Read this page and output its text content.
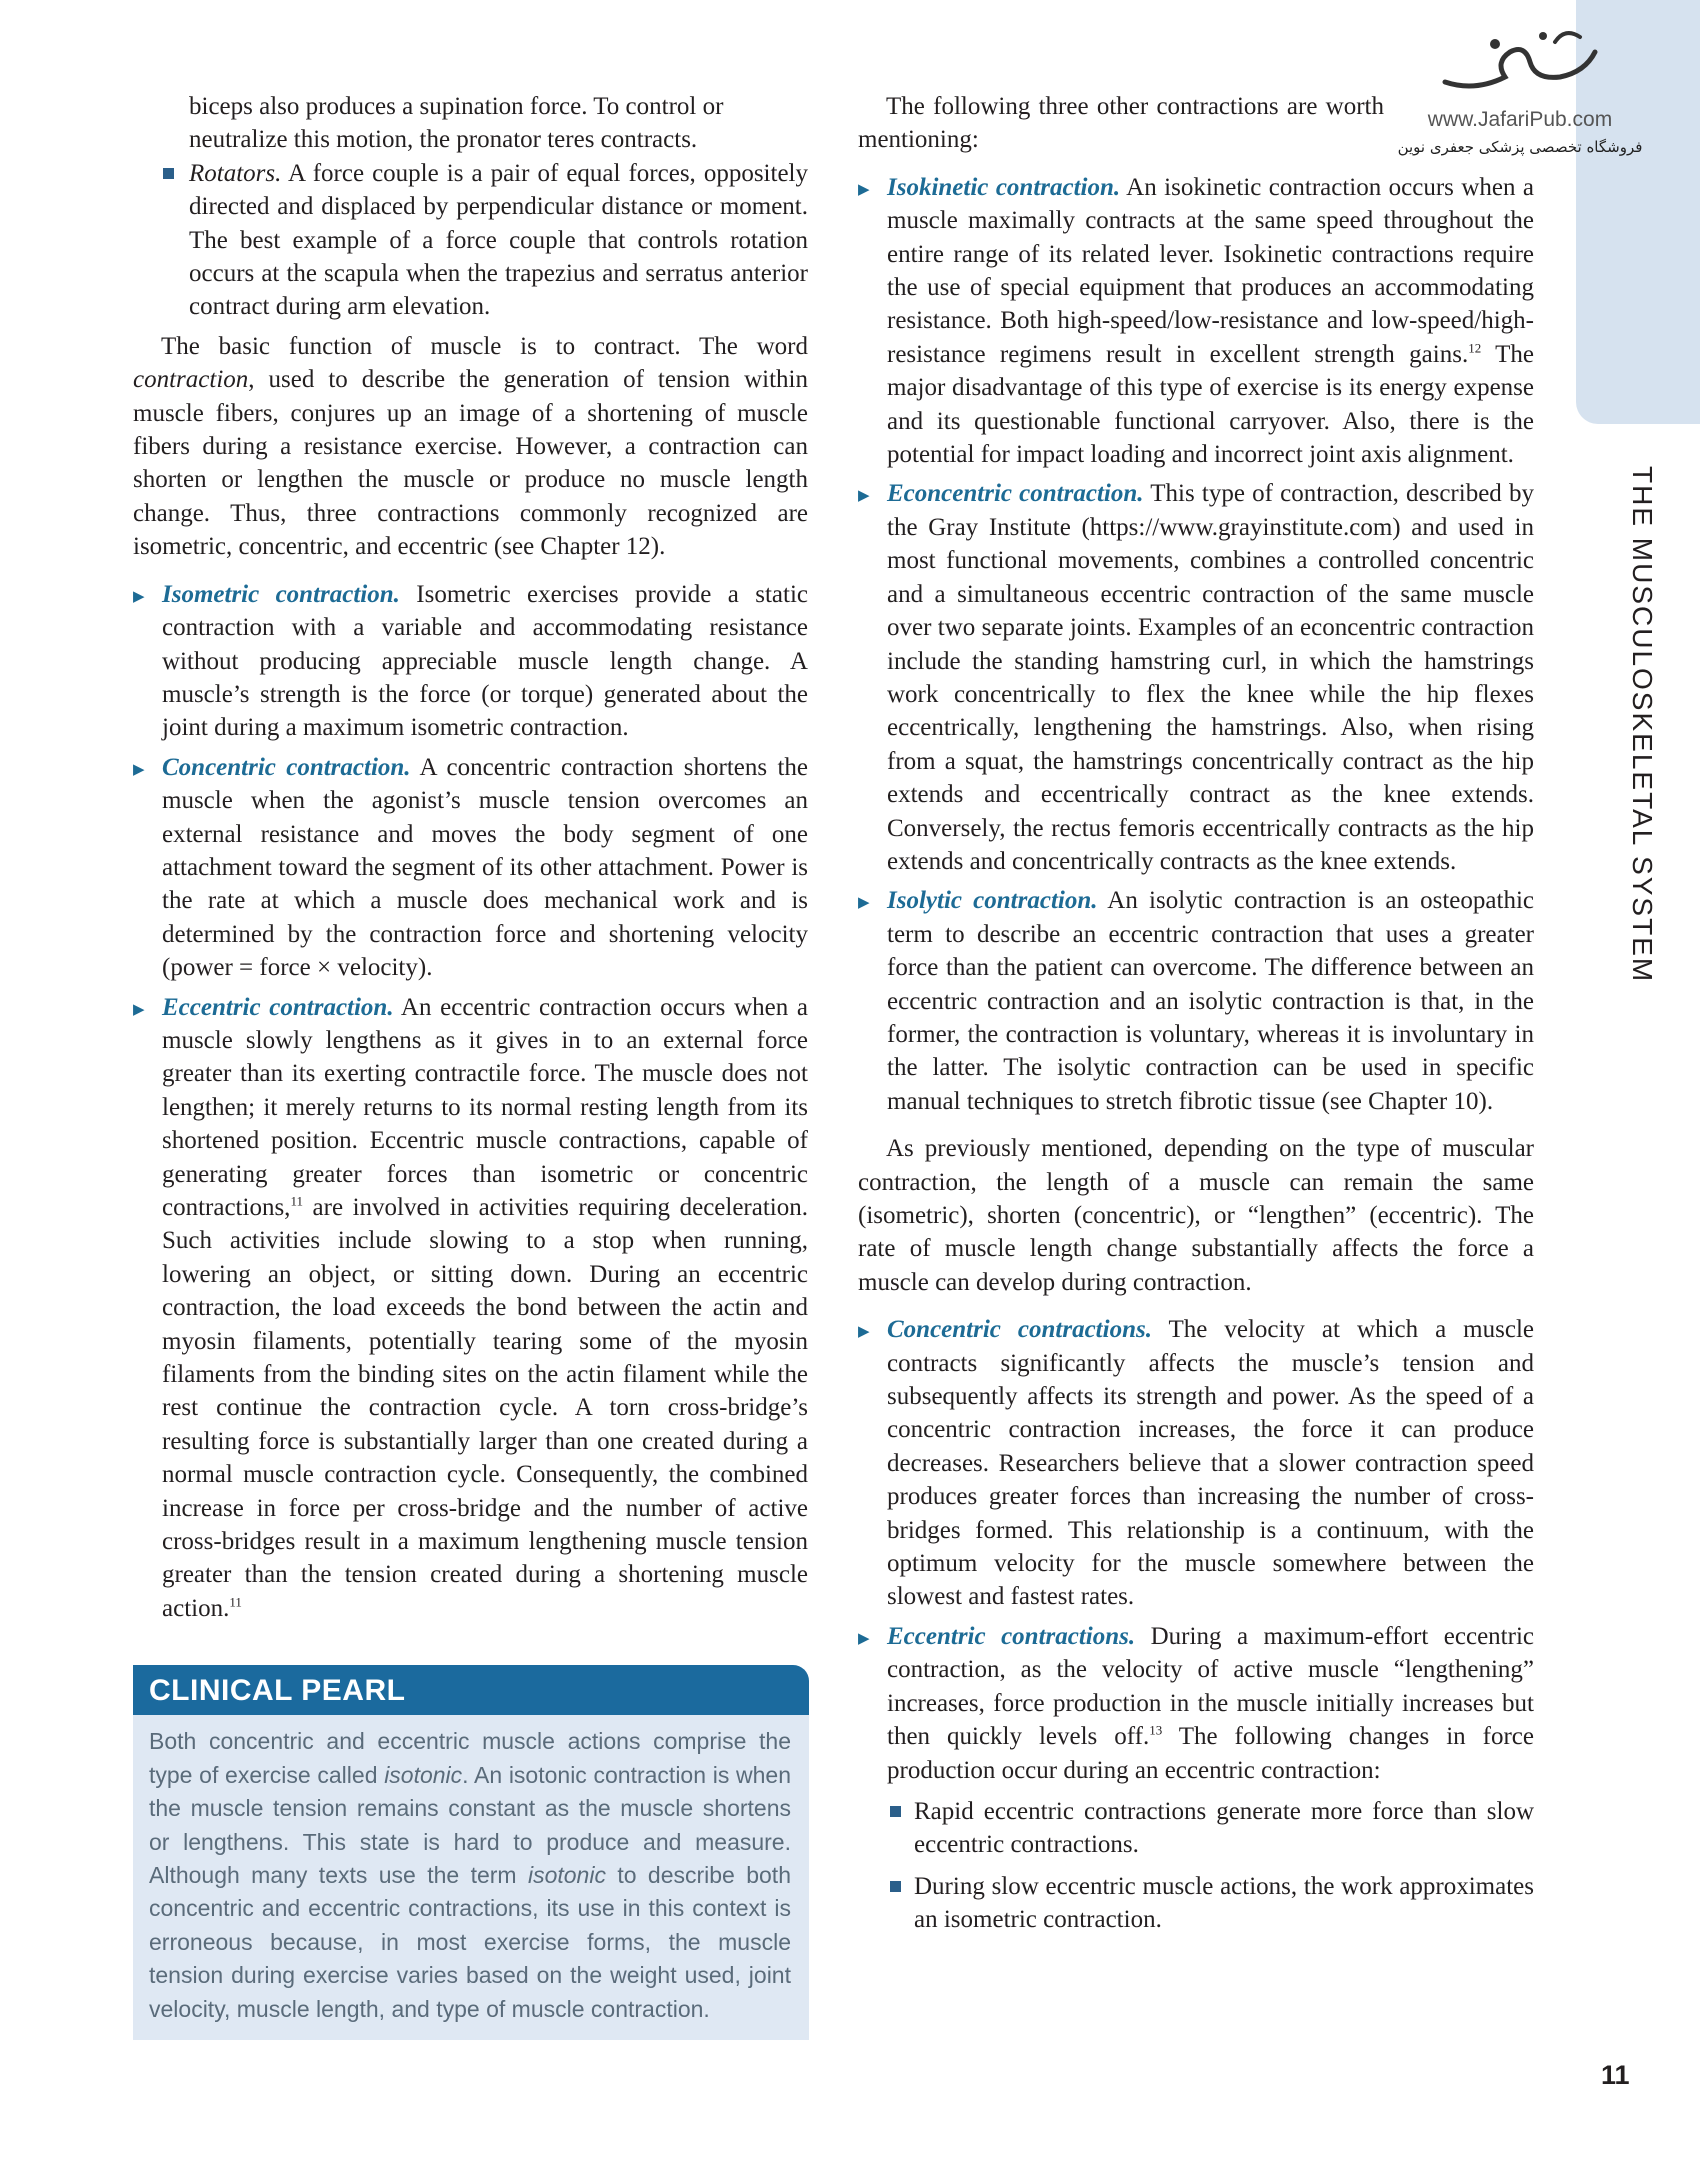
THE MUSCULOSKELETAL SYSTEM
www.JafariPub.com
فروشگاه تخصصی پزشکی جعفری نوین

biceps also produces a supination force. To control or
neutralize this motion, the pronator teres contracts.

Rotators. A force couple is a pair of equal forces, oppositely directed and displaced by perpendicular distance or moment. The best example of a force couple that controls rotation occurs at the scapula when the trapezius and serratus anterior contract during arm elevation.

The basic function of muscle is to contract. The word contraction, used to describe the generation of tension within muscle fibers, conjures up an image of a shortening of muscle fibers during a resistance exercise. However, a contraction can shorten or lengthen the muscle or produce no muscle length change. Thus, three contractions commonly recognized are isometric, concentric, and eccentric (see Chapter 12).

▶ Isometric contraction. Isometric exercises provide a static contraction with a variable and accommodating resistance without producing appreciable muscle length change. A muscle’s strength is the force (or torque) generated about the joint during a maximum isometric contraction.

▶ Concentric contraction. A concentric contraction shortens the muscle when the agonist’s muscle tension overcomes an external resistance and moves the body segment of one attachment toward the segment of its other attachment. Power is the rate at which a muscle does mechanical work and is determined by the contraction force and shortening velocity (power = force × velocity).

▶ Eccentric contraction. An eccentric contraction occurs when a muscle slowly lengthens as it gives in to an external force greater than its exerting contractile force. The muscle does not lengthen; it merely returns to its normal resting length from its shortened position. Eccentric muscle contractions, capable of generating greater forces than isometric or concentric contractions,$^{11}$ are involved in activities requiring deceleration. Such activities include slowing to a stop when running, lowering an object, or sitting down. During an eccentric contraction, the load exceeds the bond between the actin and myosin filaments, potentially tearing some of the myosin filaments from the binding sites on the actin filament while the rest continue the contraction cycle. A torn cross-bridge’s resulting force is substantially larger than one created during a normal muscle contraction cycle. Consequently, the combined increase in force per cross-bridge and the number of active cross-bridges result in a maximum lengthening muscle tension greater than the tension created during a shortening muscle action.$^{11}$

CLINICAL PEARL
Both concentric and eccentric muscle actions comprise the type of exercise called isotonic. An isotonic contraction is when the muscle tension remains constant as the muscle shortens or lengthens. This state is hard to produce and measure. Although many texts use the term isotonic to describe both concentric and eccentric contractions, its use in this context is erroneous because, in most exercise forms, the muscle tension during exercise varies based on the weight used, joint velocity, muscle length, and type of muscle contraction.

The following three other contractions are worth mentioning:

▶ Isokinetic contraction. An isokinetic contraction occurs when a muscle maximally contracts at the same speed throughout the entire range of its related lever. Isokinetic contractions require the use of special equipment that produces an accommodating resistance. Both high-speed/low-resistance and low-speed/high-resistance regimens result in excellent strength gains.$^{12}$ The major disadvantage of this type of exercise is its energy expense and its questionable functional carryover. Also, there is the potential for impact loading and incorrect joint axis alignment.

▶ Econcentric contraction. This type of contraction, described by the Gray Institute (https://www.grayinstitute.com) and used in most functional movements, combines a controlled concentric and a simultaneous eccentric contraction of the same muscle over two separate joints. Examples of an econcentric contraction include the standing hamstring curl, in which the hamstrings work concentrically to flex the knee while the hip flexes eccentrically, lengthening the hamstrings. Also, when rising from a squat, the hamstrings concentrically contract as the hip extends and eccentrically contract as the knee extends. Conversely, the rectus femoris eccentrically contracts as the hip extends and concentrically contracts as the knee extends.

▶ Isolytic contraction. An isolytic contraction is an osteopathic term to describe an eccentric contraction that uses a greater force than the patient can overcome. The difference between an eccentric contraction and an isolytic contraction is that, in the former, the contraction is voluntary, whereas it is involuntary in the latter. The isolytic contraction can be used in specific manual techniques to stretch fibrotic tissue (see Chapter 10).

As previously mentioned, depending on the type of muscular contraction, the length of a muscle can remain the same (isometric), shorten (concentric), or “lengthen” (eccentric). The rate of muscle length change substantially affects the force a muscle can develop during contraction.

▶ Concentric contractions. The velocity at which a muscle contracts significantly affects the muscle’s tension and subsequently affects its strength and power. As the speed of a concentric contraction increases, the force it can produce decreases. Researchers believe that a slower contraction speed produces greater forces than increasing the number of cross-bridges formed. This relationship is a continuum, with the optimum velocity for the muscle somewhere between the slowest and fastest rates.

▶ Eccentric contractions. During a maximum-effort eccentric contraction, as the velocity of active muscle “lengthening” increases, force production in the muscle initially increases but then quickly levels off.$^{13}$ The following changes in force production occur during an eccentric contraction:

Rapid eccentric contractions generate more force than slow eccentric contractions.

During slow eccentric muscle actions, the work approximates an isometric contraction.

11
